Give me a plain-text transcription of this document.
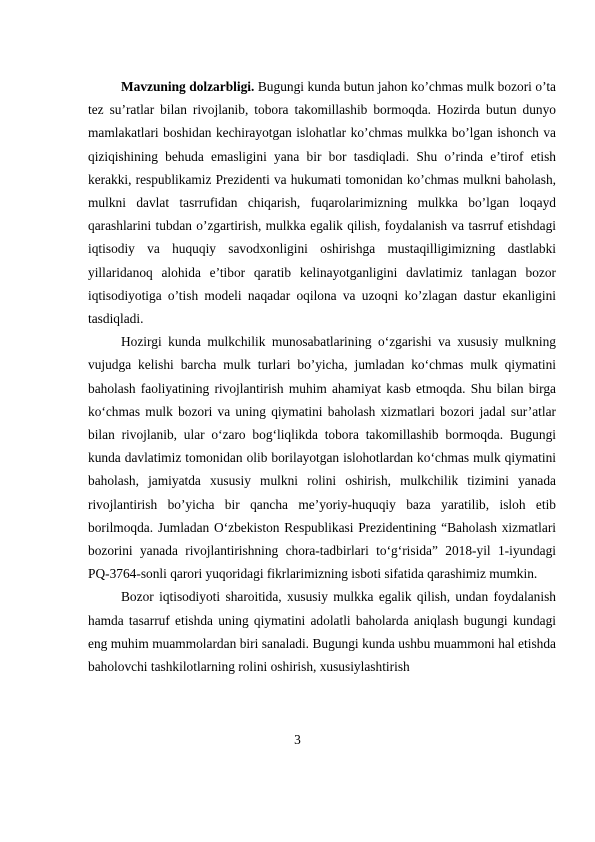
Mavzuning dolzarbligi. Bugungi kunda butun jahon ko’chmas mulk bozori o’ta tez su’ratlar bilan rivojlanib, tobora takomillashib bormoqda. Hozirda butun dunyo mamlakatlari boshidan kechirayotgan islohatlar ko’chmas mulkka bo’lgan ishonch va qiziqishining behuda emasligini yana bir bor tasdiqladi. Shu o’rinda e’tirof etish kerakki, respublikamiz Prezidenti va hukumati tomonidan ko’chmas mulkni baholash, mulkni davlat tasrrufidan chiqarish, fuqarolarimizning mulkka bo’lgan loqayd qarashlarini tubdan o’zgartirish, mulkka egalik qilish, foydalanish va tasrruf etishdagi iqtisodiy va huquqiy savodxonligini oshirishga mustaqilligimizning dastlabki yillaridanoq alohida e’tibor qaratib kelinayotganligini davlatimiz tanlagan bozor iqtisodiyotiga o’tish modeli naqadar oqilona va uzoqni ko’zlagan dastur ekanligini tasdiqladi.

Hozirgi kunda mulkchilik munosabatlarining o‘zgarishi va xususiy mulkning vujudga kelishi barcha mulk turlari bo’yicha, jumladan ko‘chmas mulk qiymatini baholash faoliyatining rivojlantirish muhim ahamiyat kasb etmoqda. Shu bilan birga ko‘chmas mulk bozori va uning qiymatini baholash xizmatlari bozori jadal sur’atlar bilan rivojlanib, ular o‘zaro bog‘liqlikda tobora takomillashib bormoqda. Bugungi kunda davlatimiz tomonidan olib borilayotgan islohotlardan ko‘chmas mulk qiymatini baholash, jamiyatda xususiy mulkni rolini oshirish, mulkchilik tizimini yanada rivojlantirish bo’yicha bir qancha me’yoriy-huquqiy baza yaratilib, isloh etib borilmoqda. Jumladan O‘zbekiston Respublikasi Prezidentining “Baholash xizmatlari bozorini yanada rivojlantirishning chora-tadbirlari to‘g‘risida” 2018-yil 1-iyundagi PQ-3764-sonli qarori yuqoridagi fikrlarimizning isboti sifatida qarashimiz mumkin.

Bozor iqtisodiyoti sharoitida, xususiy mulkka egalik qilish, undan foydalanish hamda tasarruf etishda uning qiymatini adolatli baholarda aniqlash bugungi kundagi eng muhim muammolardan biri sanaladi. Bugungi kunda ushbu muammoni hal etishda baholovchi tashkilotlarning rolini oshirish, xususiylashtirish

3
